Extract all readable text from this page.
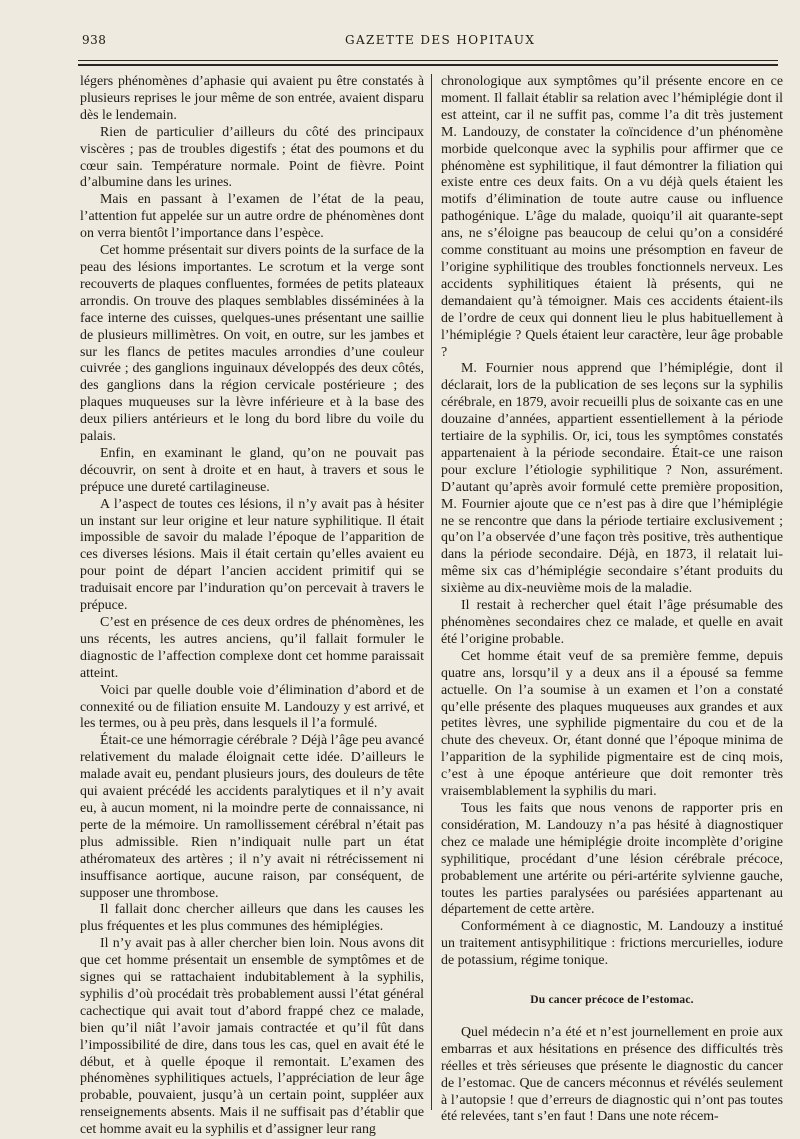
938	GAZETTE DES HOPITAUX

légers phénomènes d’aphasie qui avaient pu être constatés à plusieurs reprises le jour même de son entrée, avaient disparu dès le lendemain.

Rien de particulier d’ailleurs du côté des principaux viscères ; pas de troubles digestifs ; état des poumons et du cœur sain. Température normale. Point de fièvre. Point d’albumine dans les urines.

Mais en passant à l’examen de l’état de la peau, l’attention fut appelée sur un autre ordre de phénomènes dont on verra bientôt l’importance dans l’espèce.

Cet homme présentait sur divers points de la surface de la peau des lésions importantes. Le scrotum et la verge sont recouverts de plaques confluentes, formées de petits plateaux arrondis. On trouve des plaques semblables disséminées à la face interne des cuisses, quelques-unes présentant une saillie de plusieurs millimètres. On voit, en outre, sur les jambes et sur les flancs de petites macules arrondies d’une couleur cuivrée ; des ganglions inguinaux développés des deux côtés, des ganglions dans la région cervicale postérieure ; des plaques muqueuses sur la lèvre inférieure et à la base des deux piliers antérieurs et le long du bord libre du voile du palais.

Enfin, en examinant le gland, qu’on ne pouvait pas découvrir, on sent à droite et en haut, à travers et sous le prépuce une dureté cartilagineuse.

A l’aspect de toutes ces lésions, il n’y avait pas à hésiter un instant sur leur origine et leur nature syphilitique. Il était impossible de savoir du malade l’époque de l’apparition de ces diverses lésions. Mais il était certain qu’elles avaient eu pour point de départ l’ancien accident primitif qui se traduisait encore par l’induration qu’on percevait à travers le prépuce.

C’est en présence de ces deux ordres de phénomènes, les uns récents, les autres anciens, qu’il fallait formuler le diagnostic de l’affection complexe dont cet homme paraissait atteint.

Voici par quelle double voie d’élimination d’abord et de connexité ou de filiation ensuite M. Landouzy y est arrivé, et les termes, ou à peu près, dans lesquels il l’a formulé.

Était-ce une hémorragie cérébrale ? Déjà l’âge peu avancé relativement du malade éloignait cette idée. D’ailleurs le malade avait eu, pendant plusieurs jours, des douleurs de tête qui avaient précédé les accidents paralytiques et il n’y avait eu, à aucun moment, ni la moindre perte de connaissance, ni perte de la mémoire. Un ramollissement cérébral n’était pas plus admissible. Rien n’indiquait nulle part un état athéromateux des artères ; il n’y avait ni rétrécissement ni insuffisance aortique, aucune raison, par conséquent, de supposer une thrombose.

Il fallait donc chercher ailleurs que dans les causes les plus fréquentes et les plus communes des hémiplégies.

Il n’y avait pas à aller chercher bien loin. Nous avons dit que cet homme présentait un ensemble de symptômes et de signes qui se rattachaient indubitablement à la syphilis, syphilis d’où procédait très probablement aussi l’état général cachectique qui avait tout d’abord frappé chez ce malade, bien qu’il niât l’avoir jamais contractée et qu’il fût dans l’impossibilité de dire, dans tous les cas, quel en avait été le début, et à quelle époque il remontait. L’examen des phénomènes syphilitiques actuels, l’appréciation de leur âge probable, pouvaient, jusqu’à un certain point, suppléer aux renseignements absents. Mais il ne suffisait pas d’établir que cet homme avait eu la syphilis et d’assigner leur rang

chronologique aux symptômes qu’il présente encore en ce moment. Il fallait établir sa relation avec l’hémiplégie dont il est atteint, car il ne suffit pas, comme l’a dit très justement M. Landouzy, de constater la coïncidence d’un phénomène morbide quelconque avec la syphilis pour affirmer que ce phénomène est syphilitique, il faut démontrer la filiation qui existe entre ces deux faits. On a vu déjà quels étaient les motifs d’élimination de toute autre cause ou influence pathogénique. L’âge du malade, quoiqu’il ait quarante-sept ans, ne s’éloigne pas beaucoup de celui qu’on a considéré comme constituant au moins une présomption en faveur de l’origine syphilitique des troubles fonctionnels nerveux. Les accidents syphilitiques étaient là présents, qui ne demandaient qu’à témoigner. Mais ces accidents étaient-ils de l’ordre de ceux qui donnent lieu le plus habituellement à l’hémiplégie ? Quels étaient leur caractère, leur âge probable ?

M. Fournier nous apprend que l’hémiplégie, dont il déclarait, lors de la publication de ses leçons sur la syphilis cérébrale, en 1879, avoir recueilli plus de soixante cas en une douzaine d’années, appartient essentiellement à la période tertiaire de la syphilis. Or, ici, tous les symptômes constatés appartenaient à la période secondaire. Était-ce une raison pour exclure l’étiologie syphilitique ? Non, assurément. D’autant qu’après avoir formulé cette première proposition, M. Fournier ajoute que ce n’est pas à dire que l’hémiplégie ne se rencontre que dans la période tertiaire exclusivement ; qu’on l’a observée d’une façon très positive, très authentique dans la période secondaire. Déjà, en 1873, il relatait lui-même six cas d’hémiplégie secondaire s’étant produits du sixième au dix-neuvième mois de la maladie.

Il restait à rechercher quel était l’âge présumable des phénomènes secondaires chez ce malade, et quelle en avait été l’origine probable.

Cet homme était veuf de sa première femme, depuis quatre ans, lorsqu’il y a deux ans il a épousé sa femme actuelle. On l’a soumise à un examen et l’on a constaté qu’elle présente des plaques muqueuses aux grandes et aux petites lèvres, une syphilide pigmentaire du cou et de la chute des cheveux. Or, étant donné que l’époque minima de l’apparition de la syphilide pigmentaire est de cinq mois, c’est à une époque antérieure que doit remonter très vraisemblablement la syphilis du mari.

Tous les faits que nous venons de rapporter pris en considération, M. Landouzy n’a pas hésité à diagnostiquer chez ce malade une hémiplégie droite incomplète d’origine syphilitique, procédant d’une lésion cérébrale précoce, probablement une artérite ou péri-artérite sylvienne gauche, toutes les parties paralysées ou parésiées appartenant au département de cette artère.

Conformément à ce diagnostic, M. Landouzy a institué un traitement antisyphilitique : frictions mercurielles, iodure de potassium, régime tonique.

Du cancer précoce de l’estomac.

Quel médecin n’a été et n’est journellement en proie aux embarras et aux hésitations en présence des difficultés très réelles et très sérieuses que présente le diagnostic du cancer de l’estomac. Que de cancers méconnus et révélés seulement à l’autopsie ! que d’erreurs de diagnostic qui n’ont pas toutes été relevées, tant s’en faut ! Dans une note récem-
